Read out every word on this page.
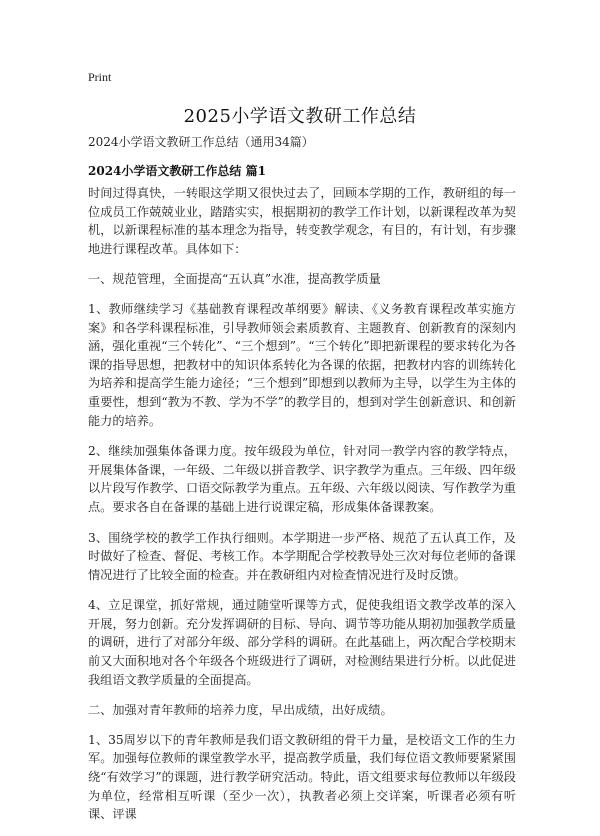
Print
2025小学语文教研工作总结
2024小学语文教研工作总结（通用34篇）
2024小学语文教研工作总结 篇1

时间过得真快，一转眼这学期又很快过去了，回顾本学期的工作，教研组的每一位成员工作兢兢业业，踏踏实实，根据期初的教学工作计划，以新课程改革为契机，以新课程标准的基本理念为指导，转变教学观念，有目的，有计划，有步骤地进行课程改革。具体如下：

一、规范管理，全面提高“五认真”水准，提高教学质量

1、教师继续学习《基础教育课程改革纲要》解读、《义务教育课程改革实施方案》和各学科课程标准，引导教师领会素质教育、主题教育、创新教育的深刻内涵，强化重视“三个转化”、“三个想到”。“三个转化”即把新课程的要求转化为各课的指导思想，把教材中的知识体系转化为各课的依据，把教材内容的训练转化为培养和提高学生能力途径；“三个想到”即想到以教师为主导，以学生为主体的重要性，想到“教为不教、学为不学”的教学目的，想到对学生创新意识、和创新能力的培养。

2、继续加强集体备课力度。按年级段为单位，针对同一教学内容的教学特点，开展集体备课，一年级、二年级以拼音教学、识字教学为重点。三年级、四年级以片段写作教学、口语交际教学为重点。五年级、六年级以阅读、写作教学为重点。要求各自在备课的基础上进行说课定稿，形成集体备课教案。

3、围绕学校的教学工作执行细则。本学期进一步严格、规范了五认真工作，及时做好了检查、督促、考核工作。本学期配合学校教导处三次对每位老师的备课情况进行了比较全面的检查。并在教研组内对检查情况进行及时反馈。

4、立足课堂，抓好常规，通过随堂听课等方式，促使我组语文教学改革的深入开展，努力创新。充分发挥调研的目标、导向、调节等功能从期初加强教学质量的调研，进行了对部分年级、部分学科的调研。在此基础上，两次配合学校期末前又大面积地对各个年级各个班级进行了调研，对检测结果进行分析。以此促进我组语文教学质量的全面提高。

二、加强对青年教师的培养力度，早出成绩，出好成绩。

1、35周岁以下的青年教师是我们语文教研组的骨干力量，是校语文工作的生力军。加强每位教师的课堂教学水平，提高教学质量，我们每位语文教师要紧紧围绕“有效学习”的课题，进行教学研究活动。特此，语文组要求每位教师以年级段为单位，经常相互听课（至少一次），执教者必须上交详案，听课者必须有听课、评课
